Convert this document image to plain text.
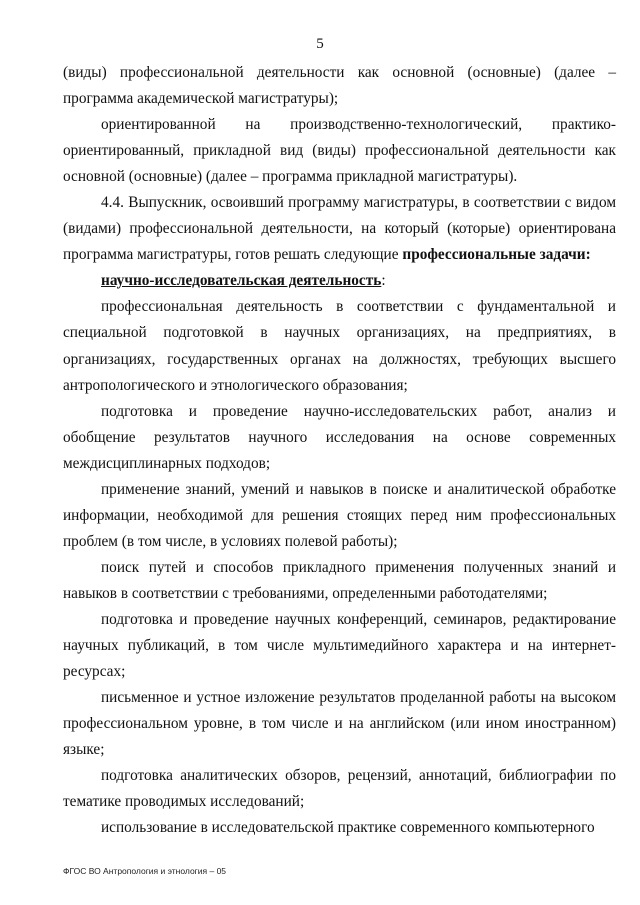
5

(виды) профессиональной деятельности как основной (основные) (далее – программа академической магистратуры);

ориентированной на производственно-технологический, практико-ориентированный, прикладной вид (виды) профессиональной деятельности как основной (основные) (далее – программа прикладной магистратуры).

4.4. Выпускник, освоивший программу магистратуры, в соответствии с видом (видами) профессиональной деятельности, на который (которые) ориентирована программа магистратуры, готов решать следующие профессиональные задачи:

научно-исследовательская деятельность:

профессиональная деятельность в соответствии с фундаментальной и специальной подготовкой в научных организациях, на предприятиях, в организациях, государственных органах на должностях, требующих высшего антропологического и этнологического образования;

подготовка и проведение научно-исследовательских работ, анализ и обобщение результатов научного исследования на основе современных междисциплинарных подходов;

применение знаний, умений и навыков в поиске и аналитической обработке информации, необходимой для решения стоящих перед ним профессиональных проблем (в том числе, в условиях полевой работы);

поиск путей и способов прикладного применения полученных знаний и навыков в соответствии с требованиями, определенными работодателями;

подготовка и проведение научных конференций, семинаров, редактирование научных публикаций, в том числе мультимедийного характера и на интернет-ресурсах;

письменное и устное изложение результатов проделанной работы на высоком профессиональном уровне, в том числе и на английском (или ином иностранном) языке;

подготовка аналитических обзоров, рецензий, аннотаций, библиографии по тематике проводимых исследований;

использование в исследовательской практике современного компьютерного

ФГОС ВО Антропология и этнология – 05
